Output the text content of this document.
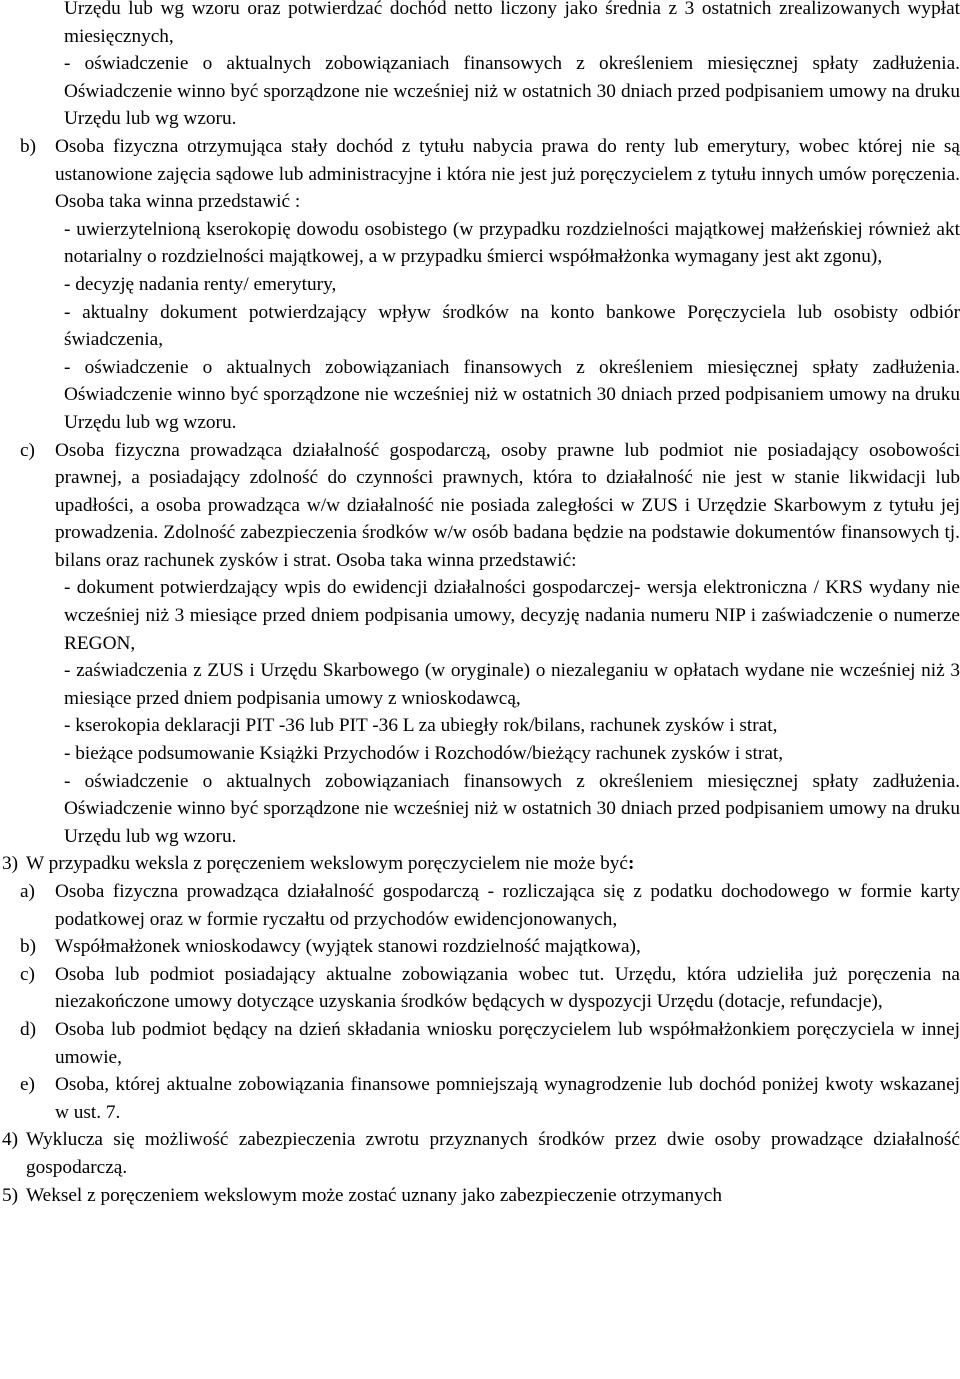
Urzędu lub wg wzoru oraz potwierdzać dochód netto liczony jako średnia z 3 ostatnich zrealizowanych wypłat miesięcznych,
- oświadczenie o aktualnych zobowiązaniach finansowych z określeniem miesięcznej spłaty zadłużenia. Oświadczenie winno być sporządzone nie wcześniej niż w ostatnich 30 dniach przed podpisaniem umowy na druku Urzędu lub wg wzoru.
b) Osoba fizyczna otrzymująca stały dochód z tytułu nabycia prawa do renty lub emerytury, wobec której nie są ustanowione zajęcia sądowe lub administracyjne i która nie jest już poręczycielem z tytułu innych umów poręczenia. Osoba taka winna przedstawić :
- uwierzytelnioną kserokopię dowodu osobistego (w przypadku rozdzielności majątkowej małżeńskiej również akt notarialny o rozdzielności majątkowej, a w przypadku śmierci współmałżonka wymagany jest akt zgonu),
- decyzję nadania renty/ emerytury,
- aktualny dokument potwierdzający wpływ środków na konto bankowe Poręczyciela lub osobisty odbiór świadczenia,
- oświadczenie o aktualnych zobowiązaniach finansowych z określeniem miesięcznej spłaty zadłużenia. Oświadczenie winno być sporządzone nie wcześniej niż w ostatnich 30 dniach przed podpisaniem umowy na druku Urzędu lub wg wzoru.
c) Osoba fizyczna prowadząca działalność gospodarczą, osoby prawne lub podmiot nie posiadający osobowości prawnej, a posiadający zdolność do czynności prawnych, która to działalność nie jest w stanie likwidacji lub upadłości, a osoba prowadząca w/w działalność nie posiada zaległości w ZUS i Urzędzie Skarbowym z tytułu jej prowadzenia. Zdolność zabezpieczenia środków w/w osób badana będzie na podstawie dokumentów finansowych tj. bilans oraz rachunek zysków i strat. Osoba taka winna przedstawić:
- dokument potwierdzający wpis do ewidencji działalności gospodarczej- wersja elektroniczna / KRS wydany nie wcześniej niż 3 miesiące przed dniem podpisania umowy, decyzję nadania numeru NIP i zaświadczenie o numerze REGON,
- zaświadczenia z ZUS i Urzędu Skarbowego (w oryginale) o niezaleganiu w opłatach wydane nie wcześniej niż 3 miesiące przed dniem podpisania umowy z wnioskodawcą,
- kserokopia deklaracji PIT -36 lub PIT -36 L za ubiegły rok/bilans, rachunek zysków i strat,
- bieżące podsumowanie Książki Przychodów i Rozchodów/bieżący rachunek zysków i strat,
- oświadczenie o aktualnych zobowiązaniach finansowych z określeniem miesięcznej spłaty zadłużenia. Oświadczenie winno być sporządzone nie wcześniej niż w ostatnich 30 dniach przed podpisaniem umowy na druku Urzędu lub wg wzoru.
3) W przypadku weksla z poręczeniem wekslowym poręczycielem nie może być:
a) Osoba fizyczna prowadząca działalność gospodarczą - rozliczająca się z podatku dochodowego w formie karty podatkowej oraz w formie ryczałtu od przychodów ewidencjonowanych,
b) Współmałżonek wnioskodawcy (wyjątek stanowi rozdzielność majątkowa),
c) Osoba lub podmiot posiadający aktualne zobowiązania wobec tut. Urzędu, która udzieliła już poręczenia na niezakończone umowy dotyczące uzyskania środków będących w dyspozycji Urzędu (dotacje, refundacje),
d) Osoba lub podmiot będący na dzień składania wniosku poręczycielem lub współmałżonkiem poręczyciela w innej umowie,
e) Osoba, której aktualne zobowiązania finansowe pomniejszają wynagrodzenie lub dochód poniżej kwoty wskazanej w ust. 7.
4) Wyklucza się możliwość zabezpieczenia zwrotu przyznanych środków przez dwie osoby prowadzące działalność gospodarczą.
5) Weksel z poręczeniem wekslowym może zostać uznany jako zabezpieczenie otrzymanych
